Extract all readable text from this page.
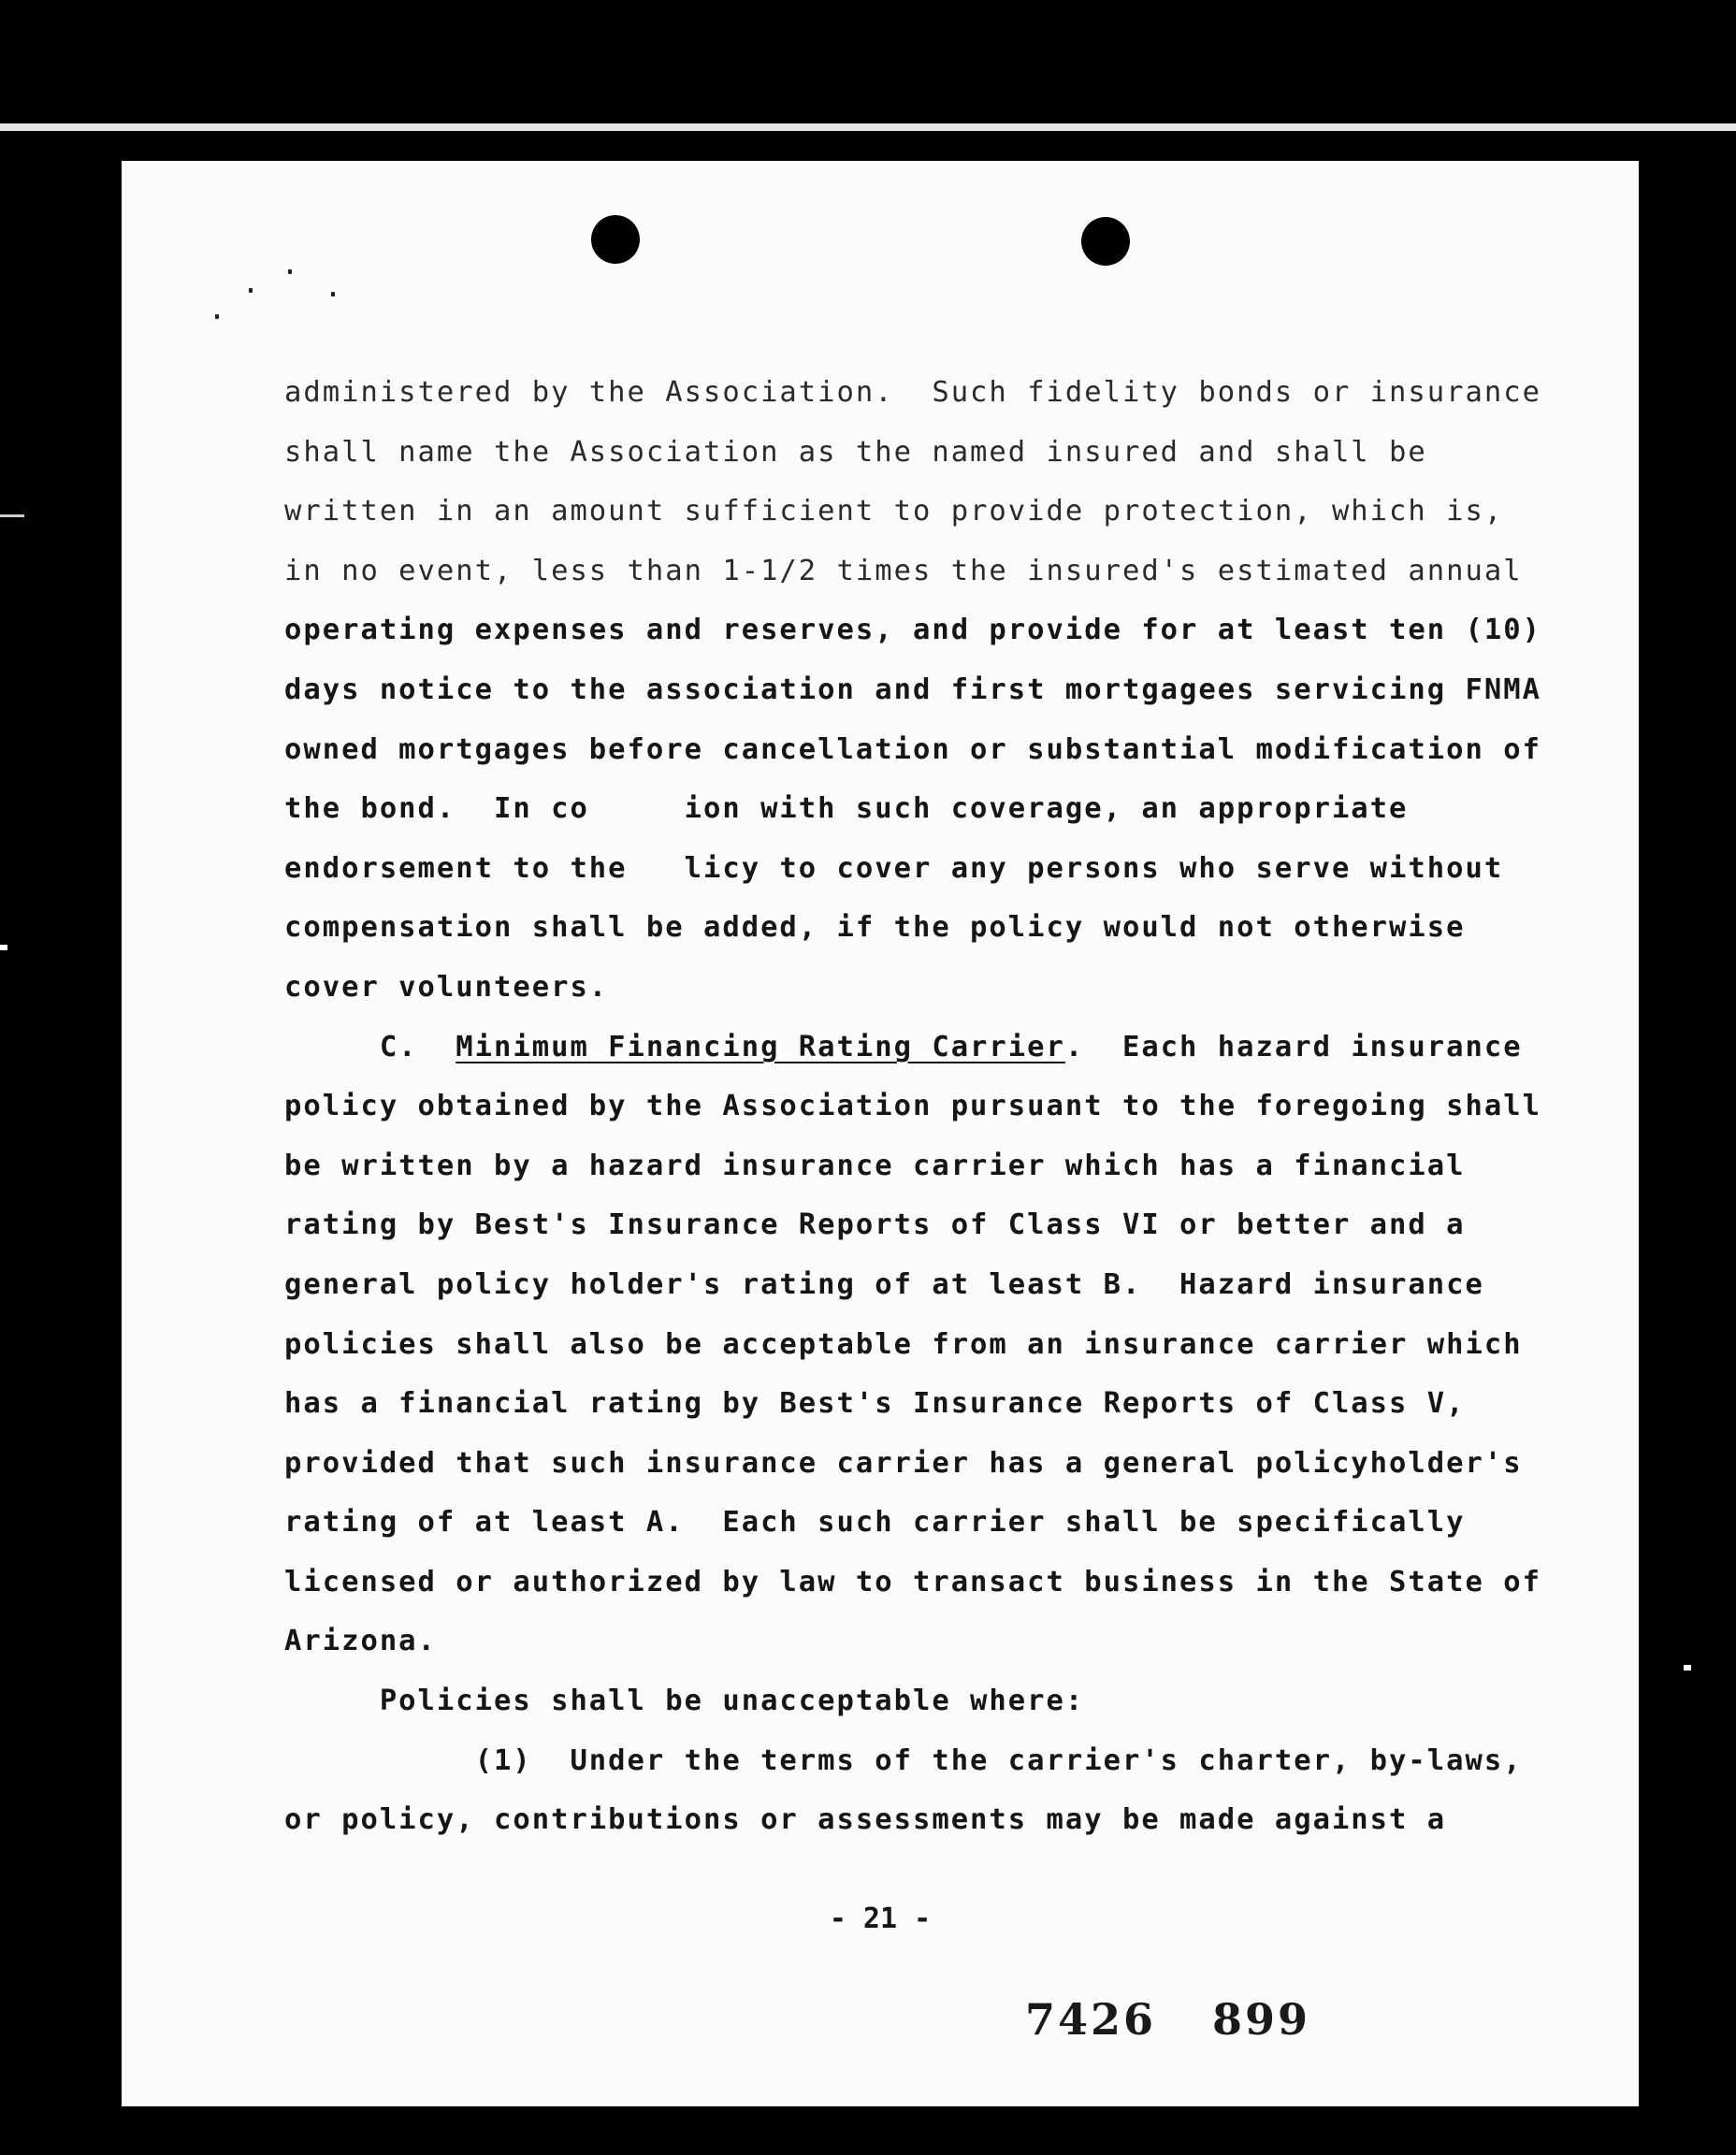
administered by the Association.  Such fidelity bonds or insurance
shall name the Association as the named insured and shall be
written in an amount sufficient to provide protection, which is,
in no event, less than 1-1/2 times the insured's estimated annual
operating expenses and reserves, and provide for at least ten (10)
days notice to the association and first mortgagees servicing FNMA
owned mortgages before cancellation or substantial modification of
the bond.  In co     ion with such coverage, an appropriate
endorsement to the   licy to cover any persons who serve without
compensation shall be added, if the policy would not otherwise
cover volunteers.
C.  Minimum Financing Rating Carrier.  Each hazard insurance
policy obtained by the Association pursuant to the foregoing shall
be written by a hazard insurance carrier which has a financial
rating by Best's Insurance Reports of Class VI or better and a
general policy holder's rating of at least B.  Hazard insurance
policies shall also be acceptable from an insurance carrier which
has a financial rating by Best's Insurance Reports of Class V,
provided that such insurance carrier has a general policyholder's
rating of at least A.  Each such carrier shall be specifically
licensed or authorized by law to transact business in the State of
Arizona.
Policies shall be unacceptable where:
(1)  Under the terms of the carrier's charter, by-laws,
or policy, contributions or assessments may be made against a
- 21 -
7426 899
